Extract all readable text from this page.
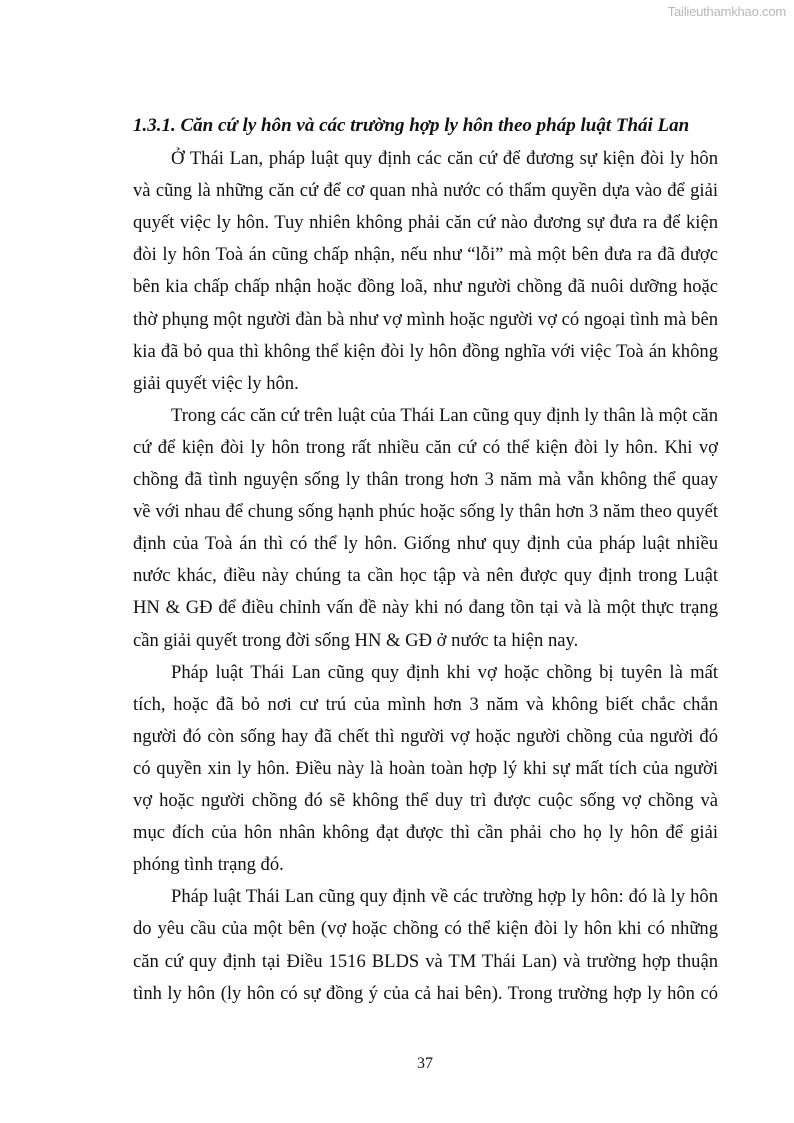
Tailieuthamkhao.com
1.3.1. Căn cứ ly hôn và các trường hợp ly hôn theo pháp luật Thái Lan
Ở Thái Lan, pháp luật quy định các căn cứ để đương sự kiện đòi ly hôn
và cũng là những căn cứ để cơ quan nhà nước có thẩm quyền dựa vào để giải
quyết việc ly hôn. Tuy nhiên không phải căn cứ nào đương sự đưa ra để kiện
đòi ly hôn Toà án cũng chấp nhận, nếu như “lỗi” mà một bên đưa ra đã được
bên kia chấp chấp nhận hoặc đồng loã, như người chồng đã nuôi dưỡng hoặc
thờ phụng một người đàn bà như vợ mình hoặc người vợ có ngoại tình mà bên
kia đã bỏ qua thì không thể kiện đòi ly hôn đồng nghĩa với việc Toà án không
giải quyết việc ly hôn.
Trong các căn cứ trên luật của Thái Lan cũng quy định ly thân là một căn
cứ để kiện đòi ly hôn trong rất nhiều căn cứ có thể kiện đòi ly hôn. Khi vợ
chồng đã tình nguyện sống ly thân trong hơn 3 năm mà vẫn không thể quay
về với nhau để chung sống hạnh phúc hoặc sống ly thân hơn 3 năm theo quyết
định của Toà án thì có thể ly hôn. Giống như quy định của pháp luật nhiều
nước khác, điều này chúng ta cần học tập và nên được quy định trong Luật
HN & GĐ để điều chỉnh vấn đề này khi nó đang tồn tại và là một thực trạng
cần giải quyết trong đời sống HN & GĐ ở nước ta hiện nay.
Pháp luật Thái Lan cũng quy định khi vợ hoặc chồng bị tuyên là mất
tích, hoặc đã bỏ nơi cư trú của mình hơn 3 năm và không biết chắc chắn
người đó còn sống hay đã chết thì người vợ hoặc người chồng của người đó
có quyền xin ly hôn. Điều này là hoàn toàn hợp lý khi sự mất tích của người
vợ hoặc người chồng đó sẽ không thể duy trì được cuộc sống vợ chồng và
mục đích của hôn nhân không đạt được thì cần phải cho họ ly hôn để giải
phóng tình trạng đó.
Pháp luật Thái Lan cũng quy định về các trường hợp ly hôn: đó là ly hôn
do yêu cầu của một bên (vợ hoặc chồng có thể kiện đòi ly hôn khi có những
căn cứ quy định tại Điều 1516 BLDS và TM Thái Lan) và trường hợp thuận
tình ly hôn (ly hôn có sự đồng ý của cả hai bên). Trong trường hợp ly hôn có
37
